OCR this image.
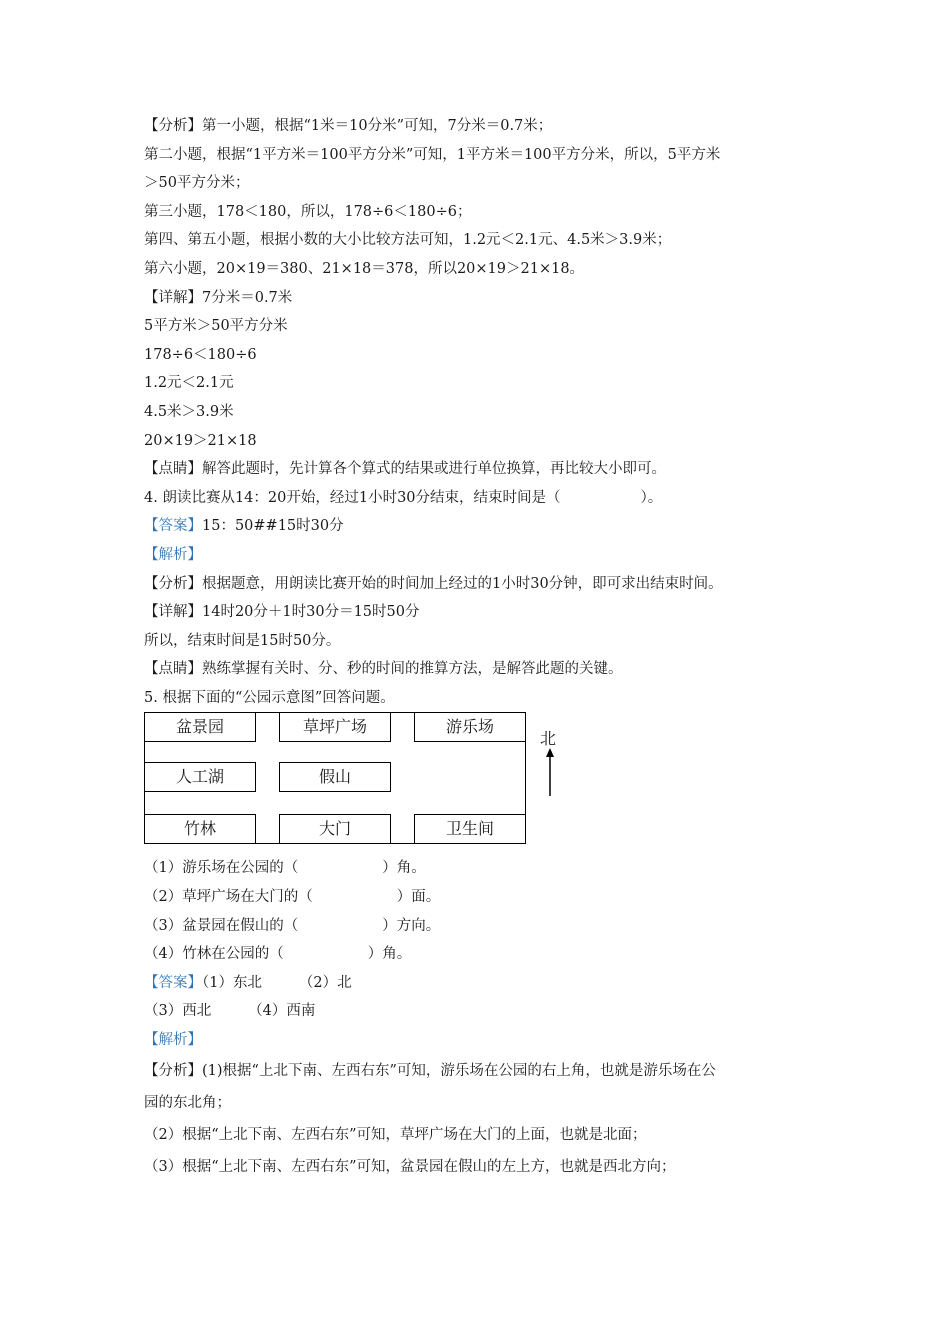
【分析】第一小题，根据“1米＝10分米”可知，7分米＝0.7米；
第二小题，根据“1平方米＝100平方分米”可知，1平方米＝100平方分米，所以，5平方米
＞50平方分米；
第三小题，178＜180，所以，178÷6＜180÷6；
第四、第五小题，根据小数的大小比较方法可知，1.2元＜2.1元、4.5米＞3.9米；
第六小题，20×19＝380、21×18＝378，所以20×19＞21×18。
【详解】7分米＝0.7米
5平方米＞50平方分米
178÷6＜180÷6
1.2元＜2.1元
4.5米＞3.9米
20×19＞21×18
【点睛】解答此题时，先计算各个算式的结果或进行单位换算，再比较大小即可。
4. 朗读比赛从14：20开始，经过1小时30分结束，结束时间是（	）。
【答案】15：50##15时30分
【解析】
【分析】根据题意，用朗读比赛开始的时间加上经过的1小时30分钟，即可求出结束时间。
【详解】14时20分＋1时30分＝15时50分
所以，结束时间是15时50分。
【点睛】熟练掌握有关时、分、秒的时间的推算方法，是解答此题的关键。
5. 根据下面的“公园示意图”回答问题。
盆景园	草坪广场	游乐场
人工湖	假山
竹林	大门	卫生间
北
（1）游乐场在公园的（	）角。
（2）草坪广场在大门的（	）面。
（3）盆景园在假山的（	）方向。
（4）竹林在公园的（	）角。
【答案】（1）东北        （2）北
（3）西北        （4）西南
【解析】
【分析】(1)根据“上北下南、左西右东”可知，游乐场在公园的右上角，也就是游乐场在公
园的东北角；
（2）根据“上北下南、左西右东”可知，草坪广场在大门的上面，也就是北面；
（3）根据“上北下南、左西右东”可知，盆景园在假山的左上方，也就是西北方向；
